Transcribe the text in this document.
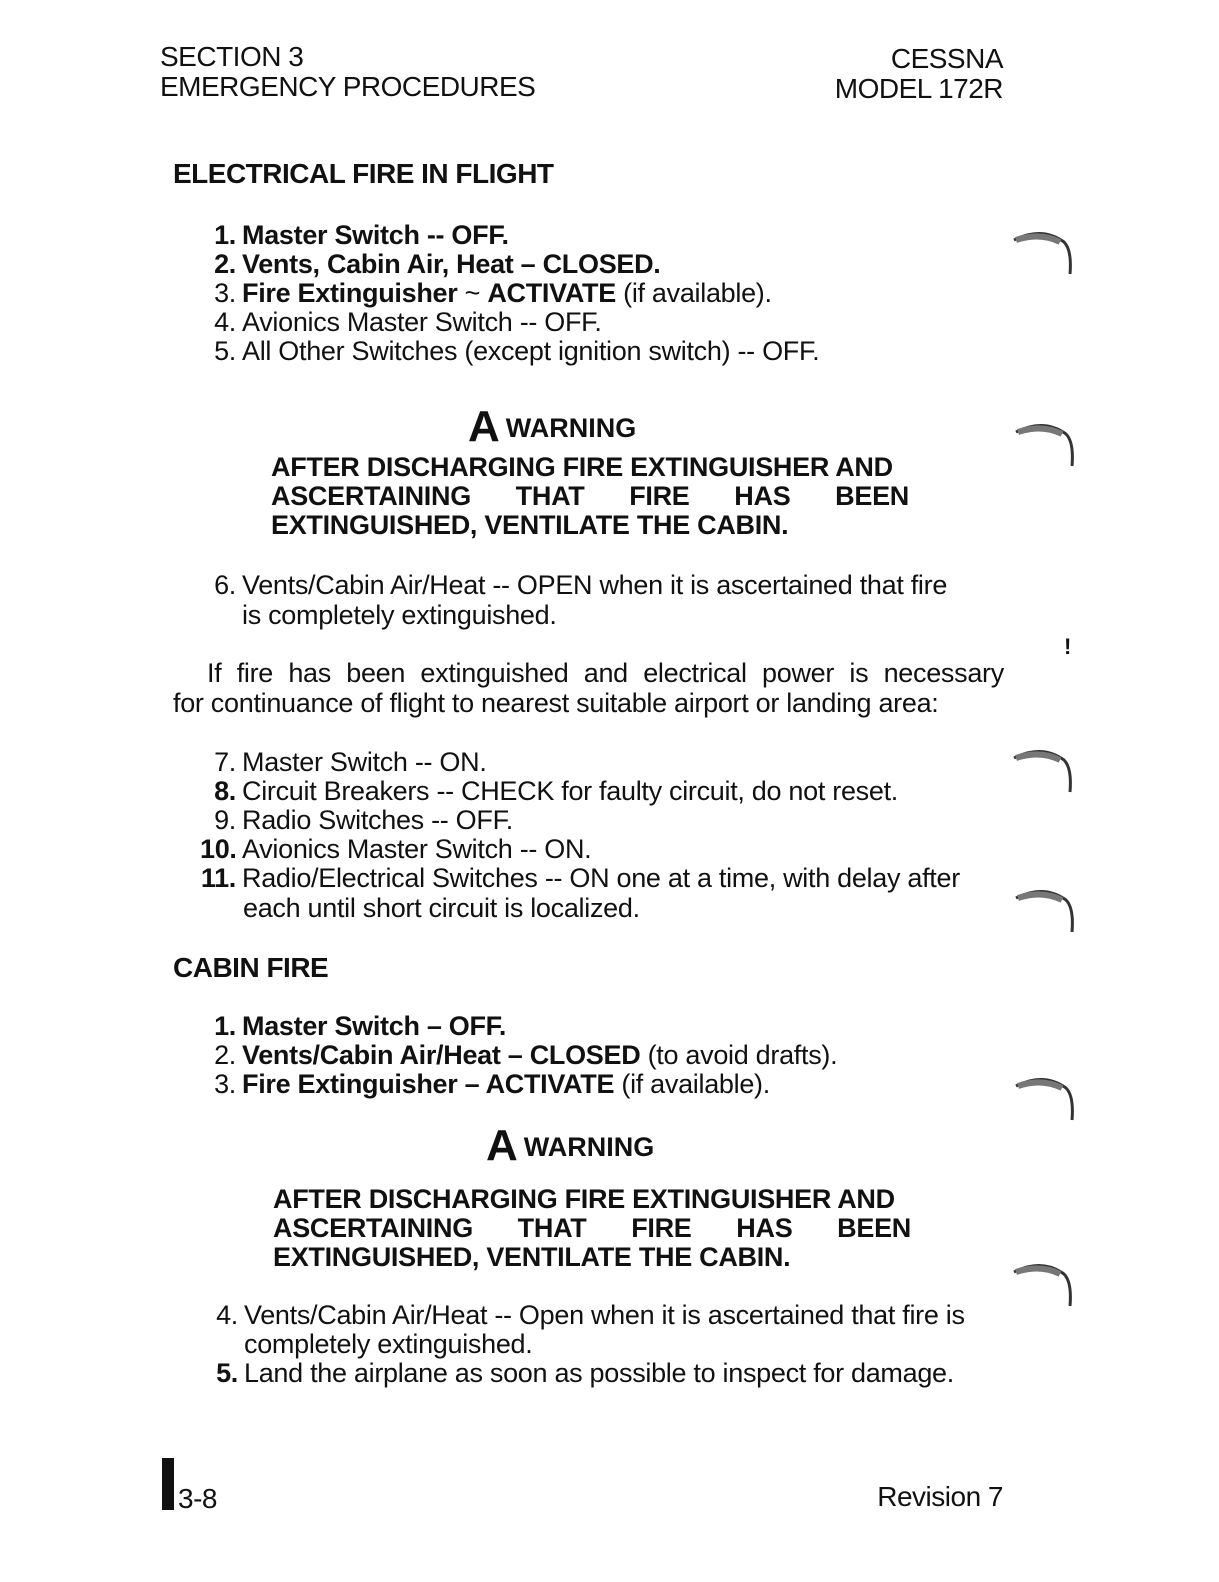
SECTION 3
EMERGENCY PROCEDURES
CESSNA
MODEL 172R
ELECTRICAL FIRE IN FLIGHT
1. Master Switch -- OFF.
2. Vents, Cabin Air, Heat – CLOSED.
3. Fire Extinguisher ~ ACTIVATE (if available).
4. Avionics Master Switch -- OFF.
5. All Other Switches (except ignition switch) -- OFF.
AWARNING
AFTER DISCHARGING FIRE EXTINGUISHER AND
ASCERTAINING THAT FIRE HAS BEEN
EXTINGUISHED, VENTILATE THE CABIN.
6. Vents/Cabin Air/Heat -- OPEN when it is ascertained that fire
is completely extinguished.
!
If fire has been extinguished and electrical power is necessary
for continuance of flight to nearest suitable airport or landing area:
7. Master Switch -- ON.
8. Circuit Breakers -- CHECK for faulty circuit, do not reset.
9. Radio Switches -- OFF.
10. Avionics Master Switch -- ON.
11. Radio/Electrical Switches -- ON one at a time, with delay after
each until short circuit is localized.
CABIN FIRE
1. Master Switch – OFF.
2. Vents/Cabin Air/Heat – CLOSED (to avoid drafts).
3. Fire Extinguisher – ACTIVATE (if available).
AWARNING
AFTER DISCHARGING FIRE EXTINGUISHER AND
ASCERTAINING THAT FIRE HAS BEEN
EXTINGUISHED, VENTILATE THE CABIN.
4. Vents/Cabin Air/Heat -- Open when it is ascertained that fire is
completely extinguished.
5. Land the airplane as soon as possible to inspect for damage.
3-8	Revision 7
